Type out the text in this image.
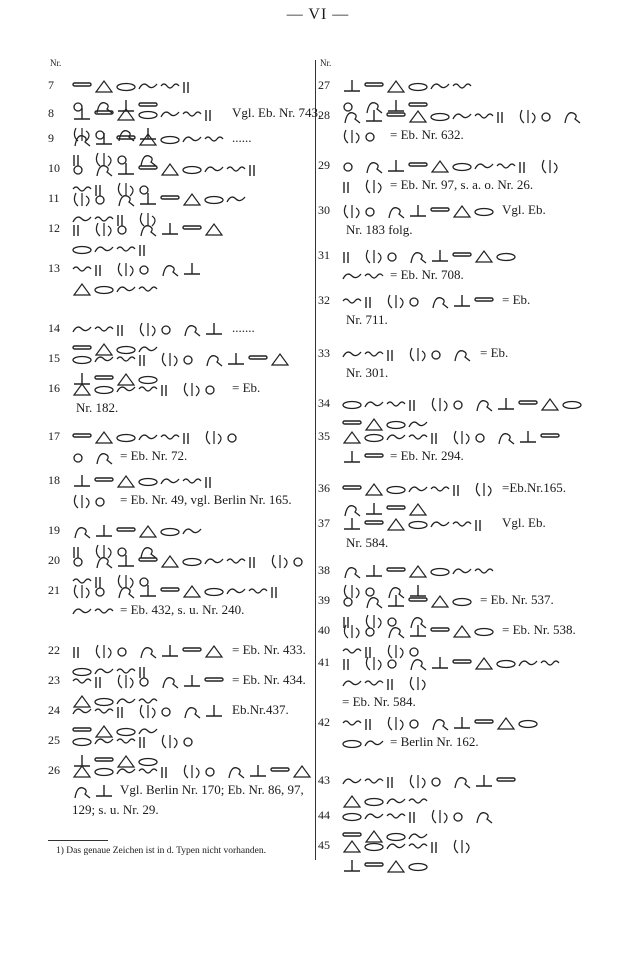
— VI —
Nr.	Nr.
7
8	Vgl. Eb. Nr. 743.
9	......
10
11
12
13
14	.......
15
16	= Eb.
Nr. 182.
17
= Eb. Nr. 72.
18
= Eb. Nr. 49, vgl. Berlin Nr. 165.
19
20
21
= Eb. 432, s. u. Nr. 240.
22	= Eb. Nr. 433.
23	= Eb. Nr. 434.
24	Eb.Nr.437.
25
26
Vgl. Berlin Nr. 170; Eb. Nr. 86, 97,
129; s. u. Nr. 29.
27
28
= Eb. Nr. 632.
29
= Eb. Nr. 97, s. a. o. Nr. 26.
30	Vgl. Eb.
Nr. 183 folg.
31
= Eb. Nr. 708.
32	= Eb.
Nr. 711.
33	= Eb.
Nr. 301.
34
35
= Eb. Nr. 294.
36	=Eb.Nr.165.
37	Vgl. Eb.
Nr. 584.
38
39	= Eb. Nr. 537.
40	= Eb. Nr. 538.
41
= Eb. Nr. 584.
42
= Berlin Nr. 162.
43
44
45
1) Das genaue Zeichen ist in d. Typen nicht vorhanden.
